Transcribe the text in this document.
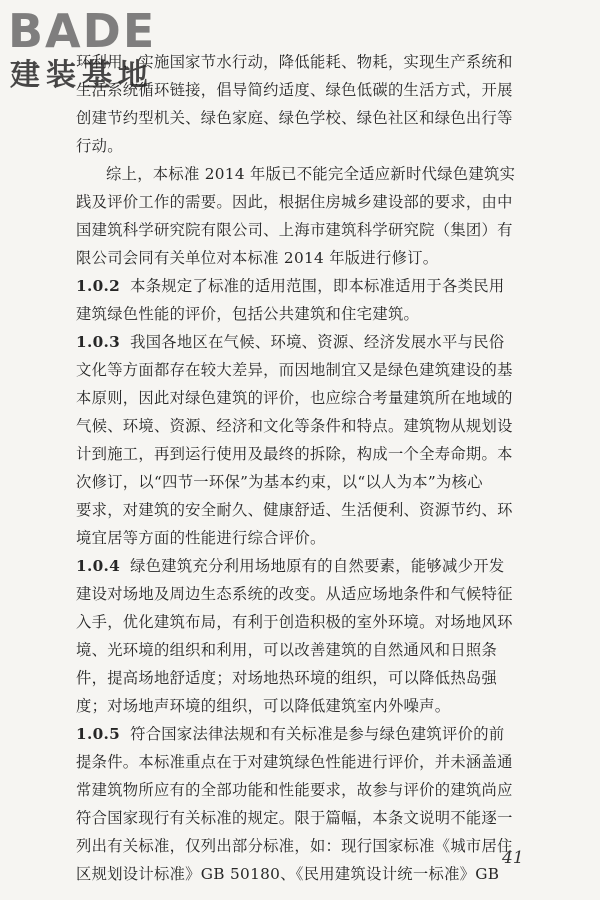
环利用，实施国家节水行动，降低能耗、物耗，实现生产系统和
生活系统循环链接，倡导简约适度、绿色低碳的生活方式，开展
创建节约型机关、绿色家庭、绿色学校、绿色社区和绿色出行等
行动。
综上，本标准 2014 年版已不能完全适应新时代绿色建筑实
践及评价工作的需要。因此，根据住房城乡建设部的要求，由中
国建筑科学研究院有限公司、上海市建筑科学研究院（集团）有
限公司会同有关单位对本标准 2014 年版进行修订。
1.0.2 本条规定了标准的适用范围，即本标准适用于各类民用
建筑绿色性能的评价，包括公共建筑和住宅建筑。
1.0.3 我国各地区在气候、环境、资源、经济发展水平与民俗
文化等方面都存在较大差异，而因地制宜又是绿色建筑建设的基
本原则，因此对绿色建筑的评价，也应综合考量建筑所在地域的
气候、环境、资源、经济和文化等条件和特点。建筑物从规划设
计到施工，再到运行使用及最终的拆除，构成一个全寿命期。本
次修订，以“四节一环保”为基本约束，以“以人为本”为核心
要求，对建筑的安全耐久、健康舒适、生活便利、资源节约、环
境宜居等方面的性能进行综合评价。
1.0.4 绿色建筑充分利用场地原有的自然要素，能够减少开发
建设对场地及周边生态系统的改变。从适应场地条件和气候特征
入手，优化建筑布局，有利于创造积极的室外环境。对场地风环
境、光环境的组织和利用，可以改善建筑的自然通风和日照条
件，提高场地舒适度；对场地热环境的组织，可以降低热岛强
度；对场地声环境的组织，可以降低建筑室内外噪声。
1.0.5 符合国家法律法规和有关标准是参与绿色建筑评价的前
提条件。本标准重点在于对建筑绿色性能进行评价，并未涵盖通
常建筑物所应有的全部功能和性能要求，故参与评价的建筑尚应
符合国家现行有关标准的规定。限于篇幅，本条文说明不能逐一
列出有关标准，仅列出部分标准，如：现行国家标准《城市居住
区规划设计标准》GB 50180、《民用建筑设计统一标准》GB
BADE
建装基地
41
